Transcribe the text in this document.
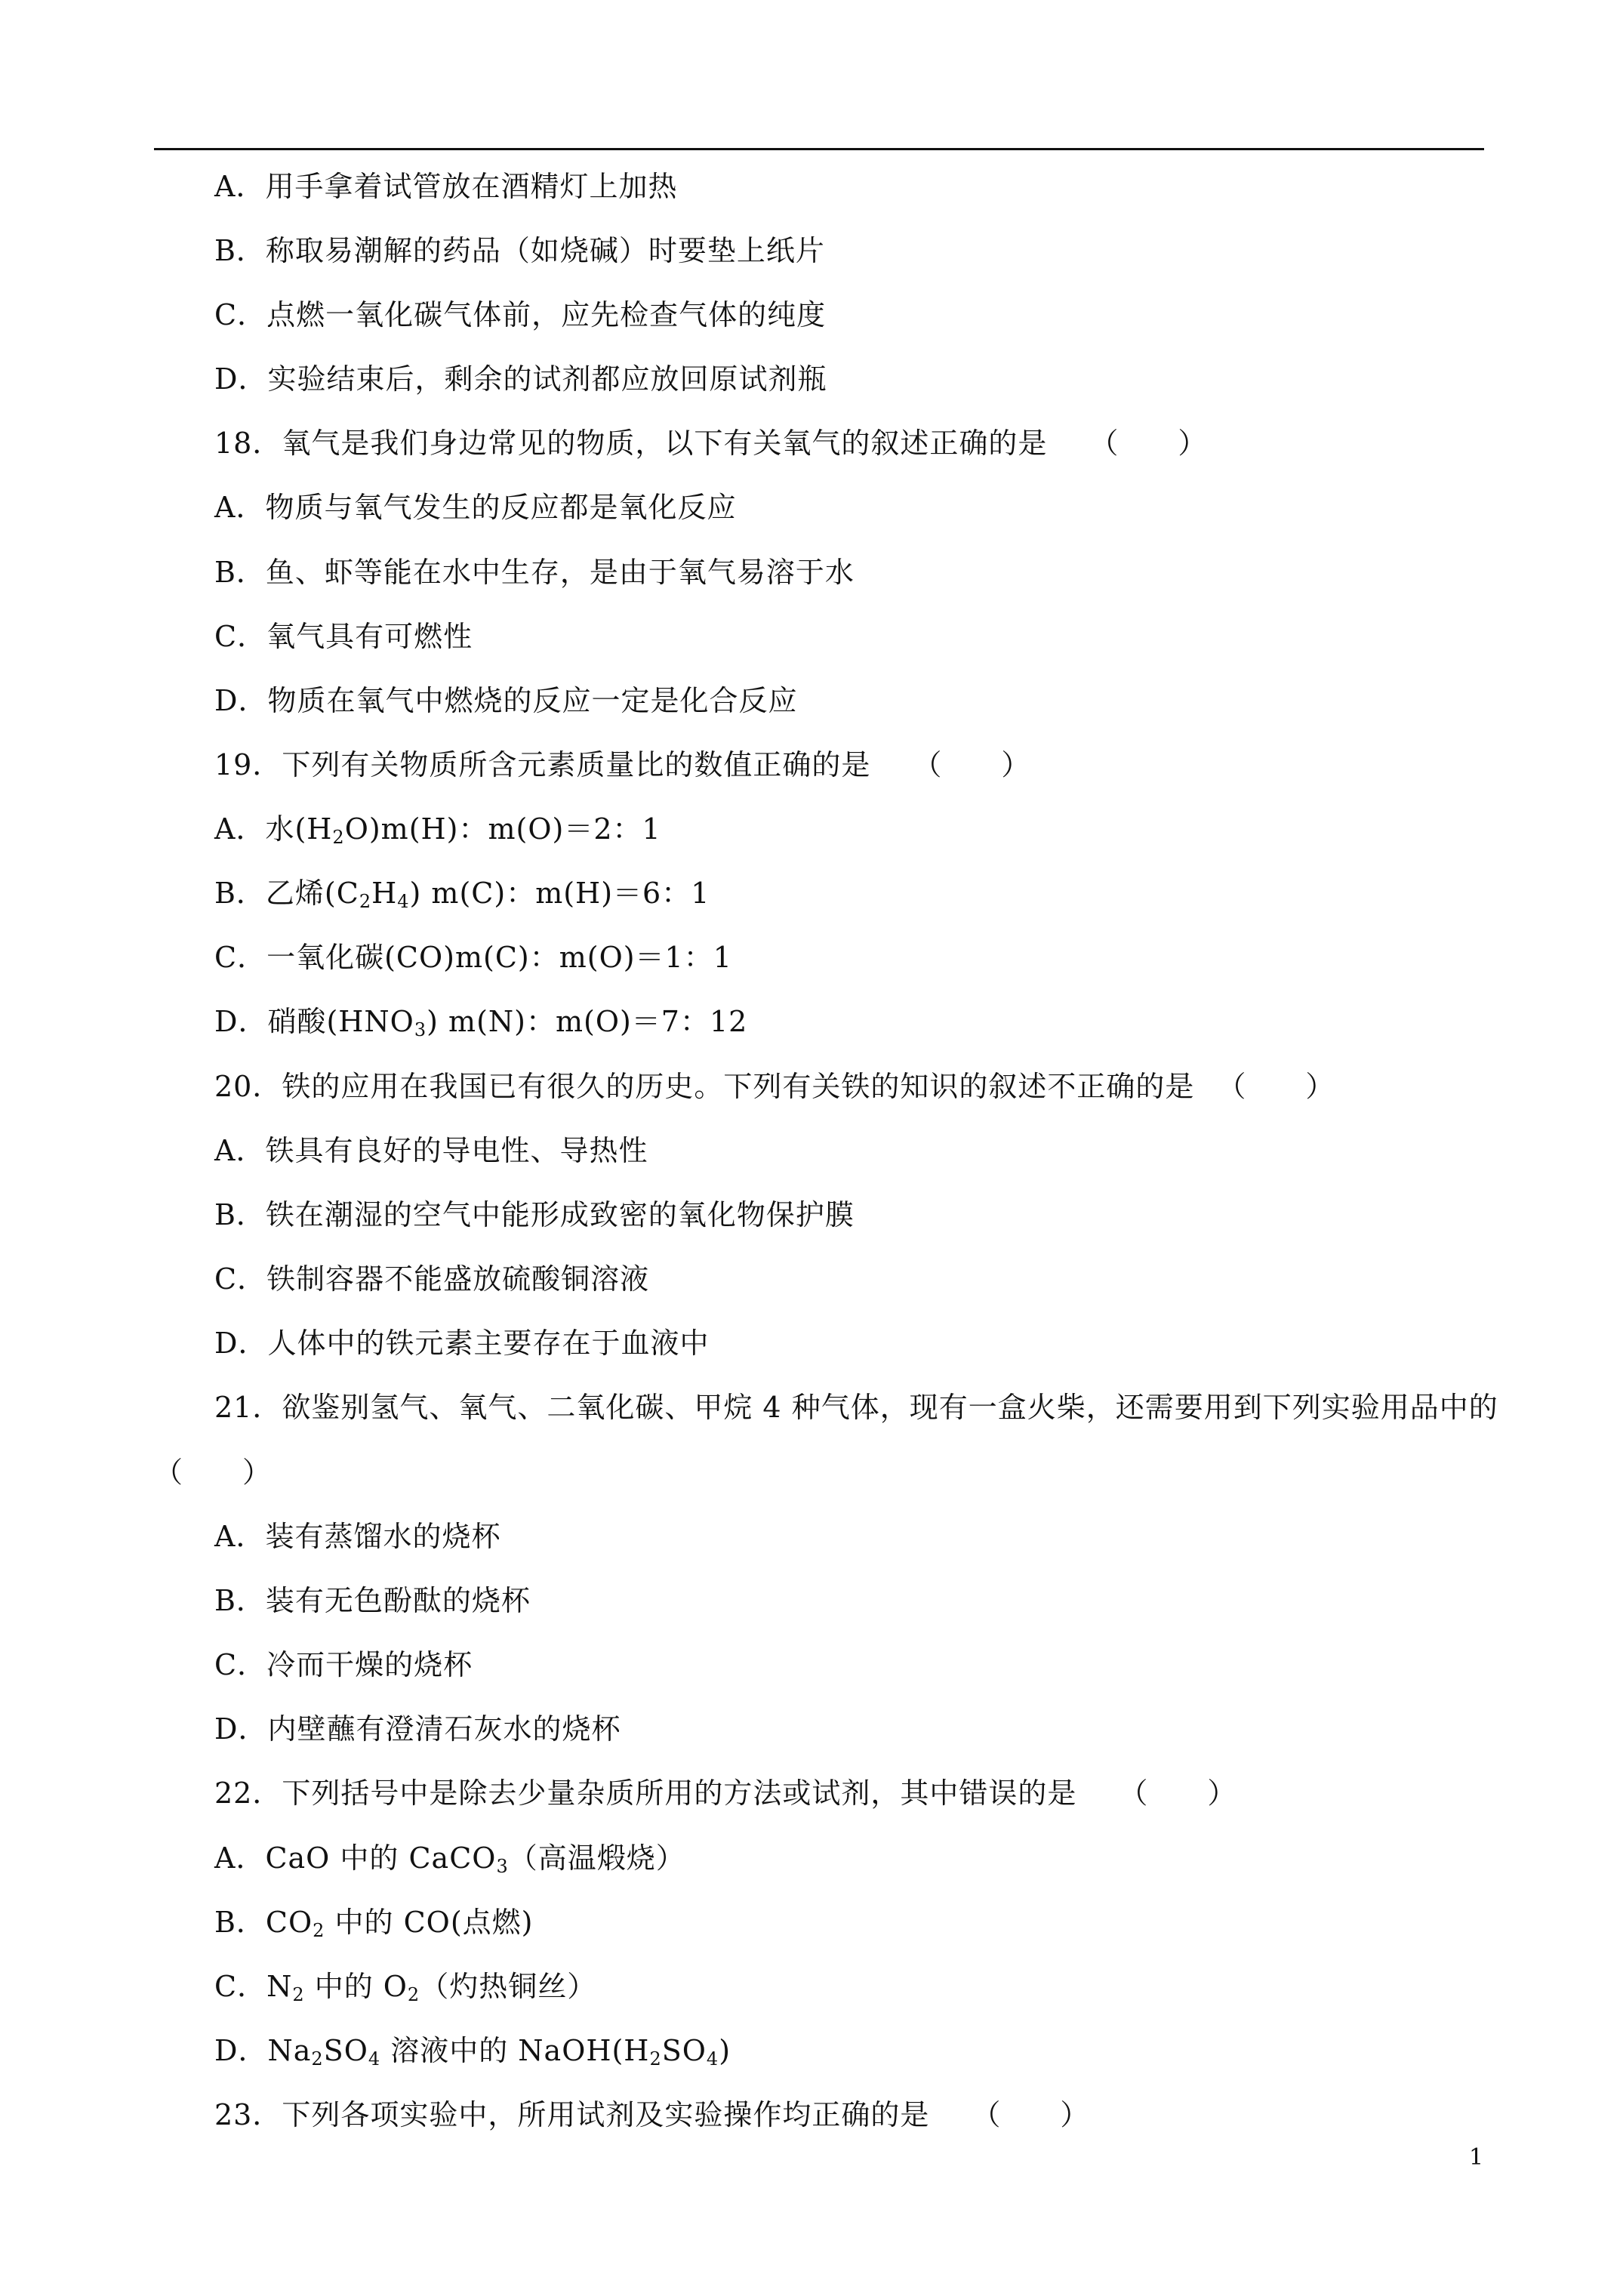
A．用手拿着试管放在酒精灯上加热
B．称取易潮解的药品（如烧碱）时要垫上纸片
C．点燃一氧化碳气体前，应先检查气体的纯度
D．实验结束后，剩余的试剂都应放回原试剂瓶
18．氧气是我们身边常见的物质，以下有关氧气的叙述正确的是 （　　）
A．物质与氧气发生的反应都是氧化反应
B．鱼、虾等能在水中生存，是由于氧气易溶于水
C．氧气具有可燃性
D．物质在氧气中燃烧的反应一定是化合反应
19．下列有关物质所含元素质量比的数值正确的是 （　　）
A．水$(H_2O)m(H)$：m(O)＝2：1
B．乙烯$(C_2H_4)$ m(C)：m(H)＝6：1
C．一氧化碳(CO)m(C)：m(O)＝1：1
D．硝酸$(HNO_3)$ m(N)：m(O)＝7：12
20．铁的应用在我国已有很久的历史。下列有关铁的知识的叙述不正确的是 （　　）
A．铁具有良好的导电性、导热性
B．铁在潮湿的空气中能形成致密的氧化物保护膜
C．铁制容器不能盛放硫酸铜溶液
D．人体中的铁元素主要存在于血液中
21．欲鉴别氢气、氧气、二氧化碳、甲烷 4 种气体，现有一盒火柴，还需要用到下列实验用品中的
（　　）
A．装有蒸馏水的烧杯
B．装有无色酚酞的烧杯
C．冷而干燥的烧杯
D．内壁蘸有澄清石灰水的烧杯
22．下列括号中是除去少量杂质所用的方法或试剂，其中错误的是 （　　）
A．CaO 中的 CaCO$_3$（高温煅烧）
B．$CO_2$ 中的 CO(点燃)
C．$N_2$ 中的 $O_2$（灼热铜丝）
D．$Na_2SO_4$ 溶液中的 $NaOH(H_2SO_4)$
23．下列各项实验中，所用试剂及实验操作均正确的是 （　　）
1
